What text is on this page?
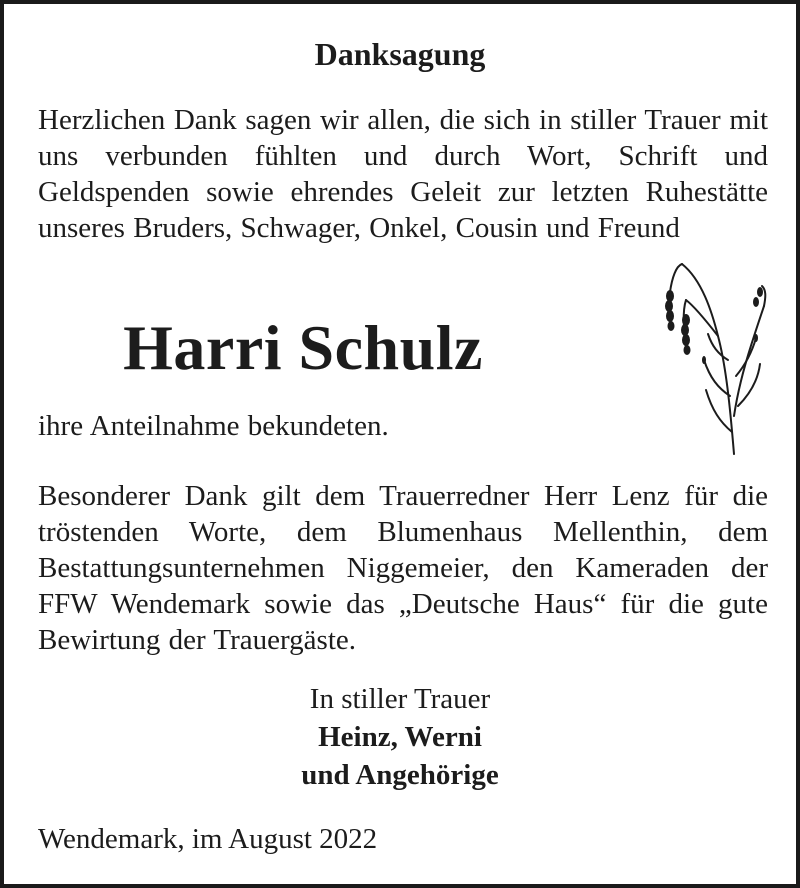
Danksagung
Herzlichen Dank sagen wir allen, die sich in stiller Trauer mit uns verbunden fühlten und durch Wort, Schrift und Geldspenden sowie ehrendes Geleit zur letzten Ruhestätte unseres Bruders, Schwager, Onkel, Cousin und Freund
Harri Schulz
ihre Anteilnahme bekundeten.
Besonderer Dank gilt dem Trauerredner Herr Lenz für die tröstenden Worte, dem Blumenhaus Mellenthin, dem Bestattungsunternehmen Niggemeier, den Kameraden der FFW Wendemark sowie das „Deutsche Haus“ für die gute Bewirtung der Trauergäste.
In stiller Trauer
Heinz, Werni
und Angehörige
Wendemark, im August 2022
